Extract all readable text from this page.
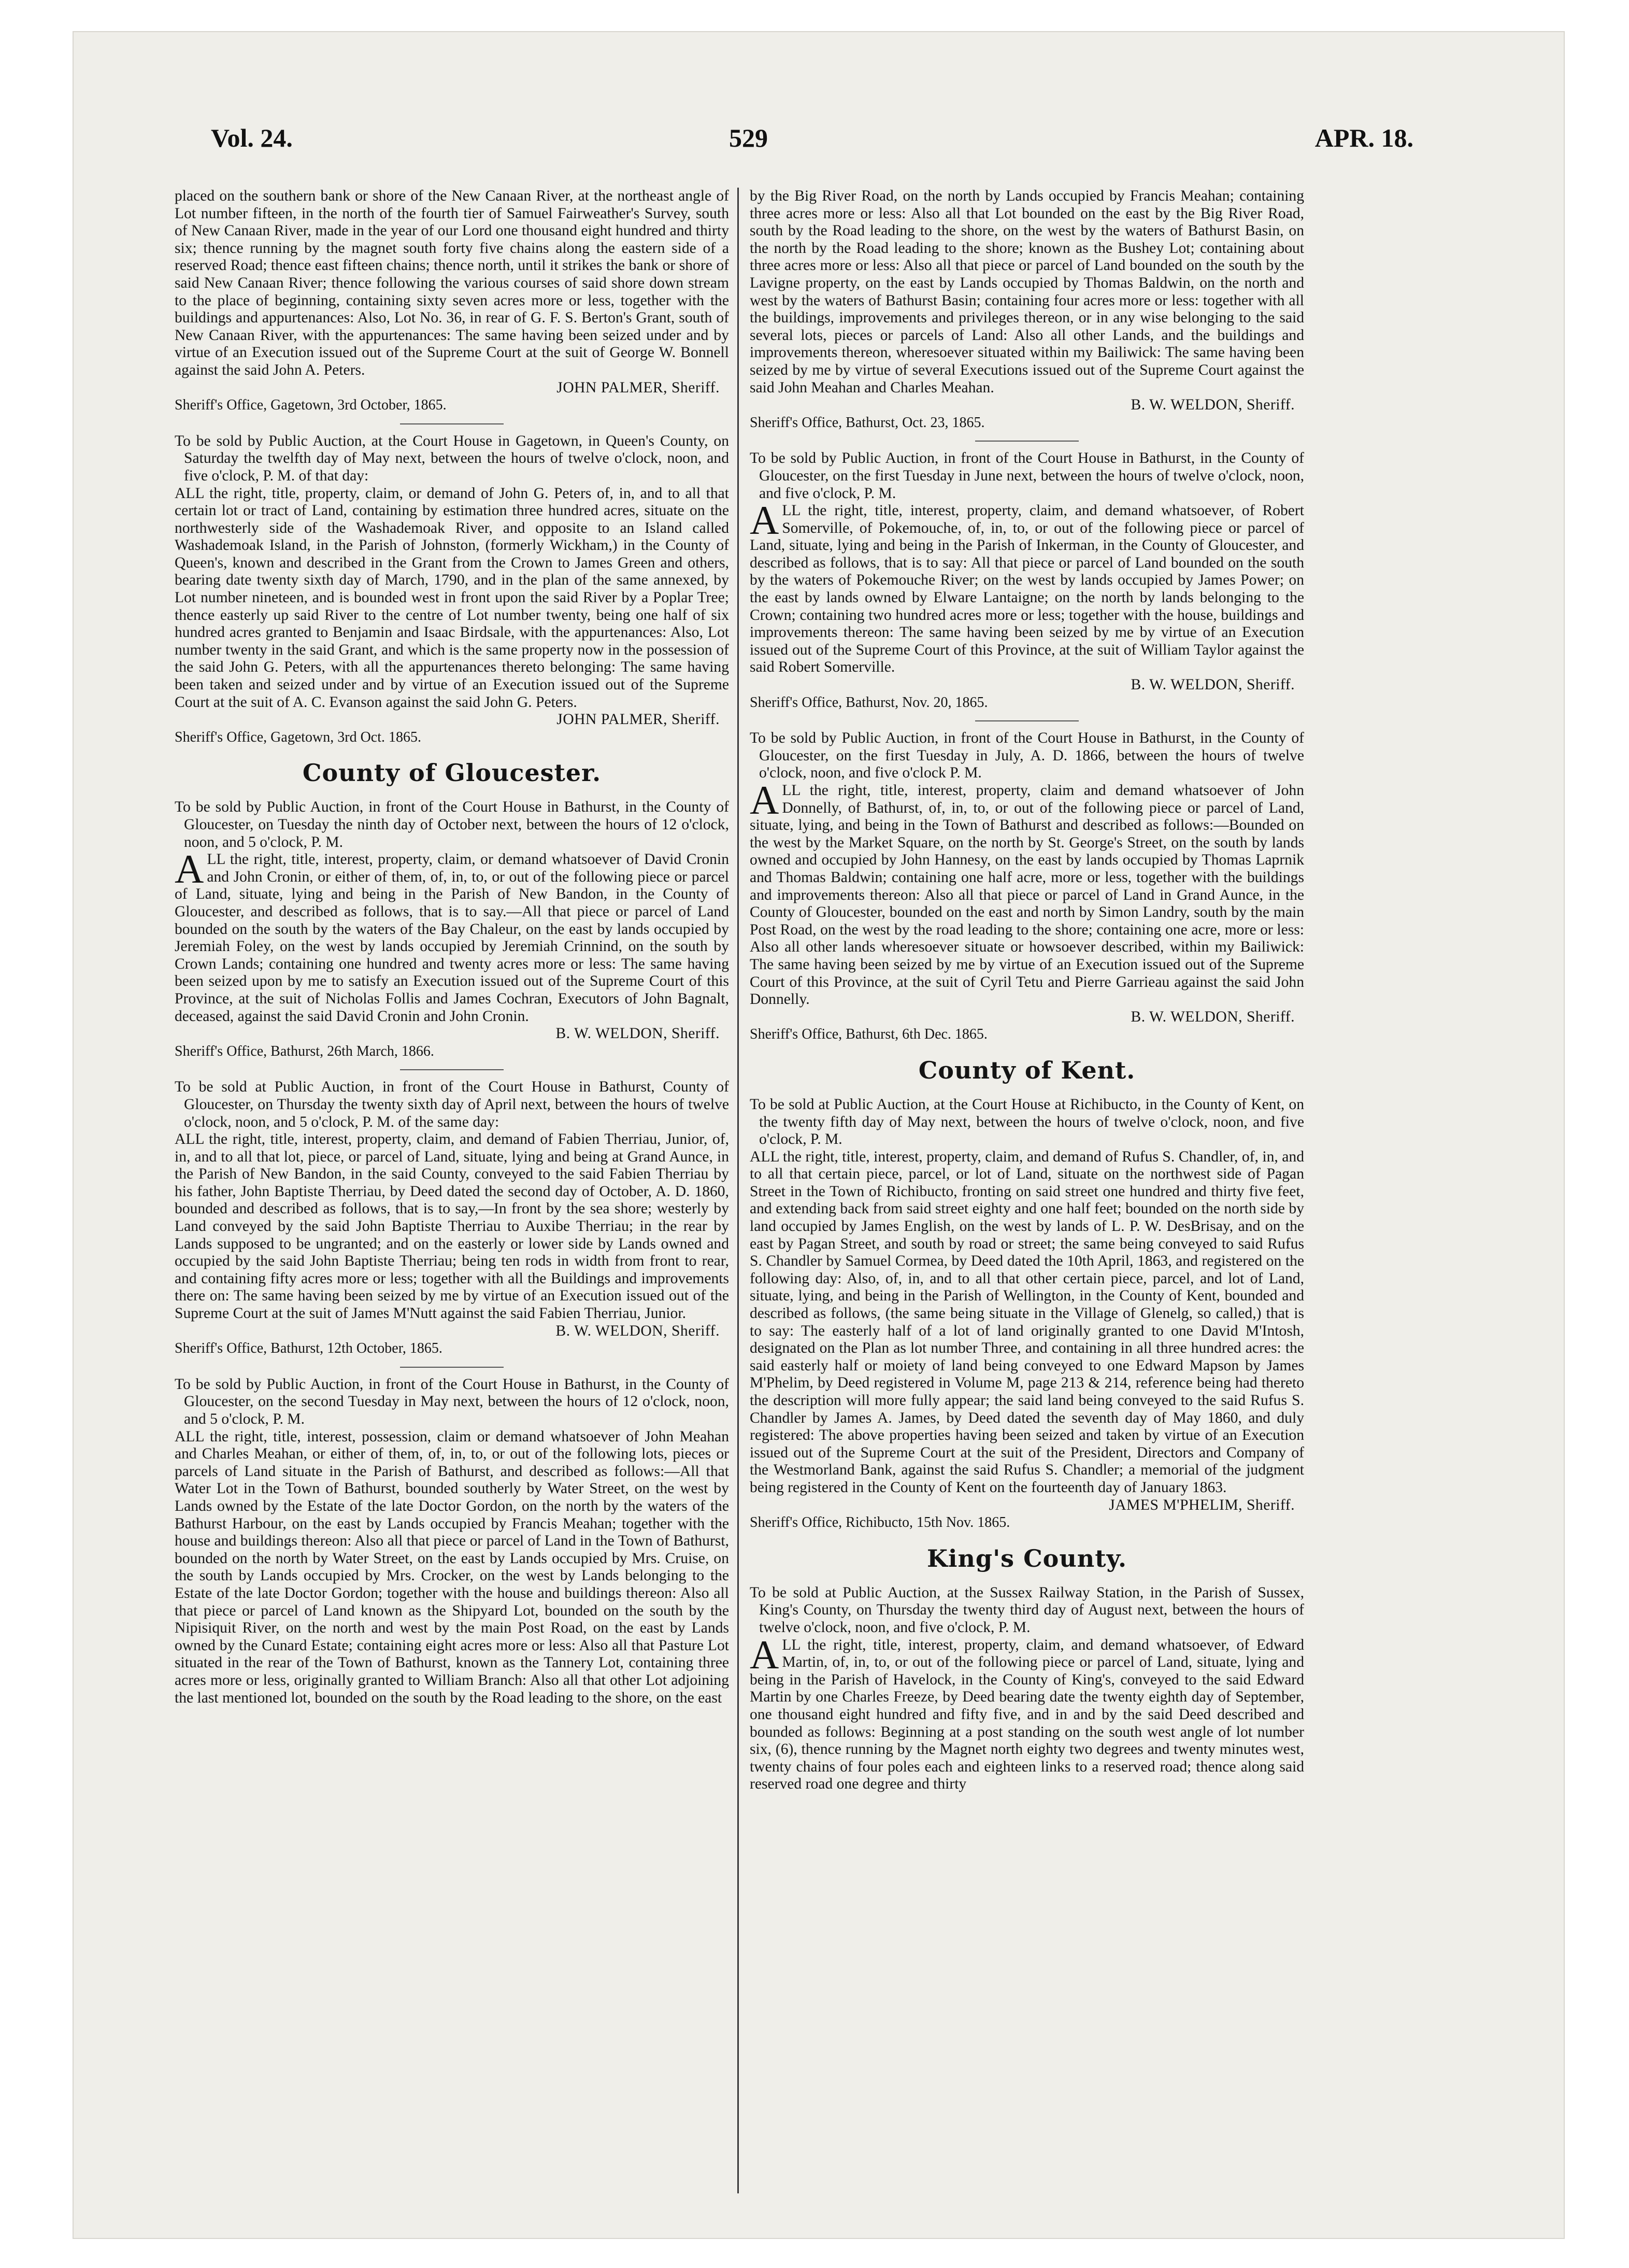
Vol. 24.	529	APR. 18.

placed on the southern bank or shore of the New Canaan River, at the northeast angle of Lot number fifteen, in the north of the fourth tier of Samuel Fairweather's Survey, south of New Canaan River, made in the year of our Lord one thousand eight hundred and thirty six; thence running by the magnet south forty five chains along the eastern side of a reserved Road; thence east fifteen chains; thence north, until it strikes the bank or shore of said New Canaan River; thence following the various courses of said shore down stream to the place of beginning, containing sixty seven acres more or less, together with the buildings and appurtenances: Also, Lot No. 36, in rear of G. F. S. Berton's Grant, south of New Canaan River, with the appurtenances: The same having been seized under and by virtue of an Execution issued out of the Supreme Court at the suit of George W. Bonnell against the said John A. Peters.

JOHN PALMER, Sheriff.

Sheriff's Office, Gagetown, 3rd October, 1865.

To be sold by Public Auction, at the Court House in Gagetown, in Queen's County, on Saturday the twelfth day of May next, between the hours of twelve o'clock, noon, and five o'clock, P. M. of that day:

ALL the right, title, property, claim, or demand of John G. Peters of, in, and to all that certain lot or tract of Land, containing by estimation three hundred acres, situate on the northwesterly side of the Washademoak River, and opposite to an Island called Washademoak Island, in the Parish of Johnston, (formerly Wickham,) in the County of Queen's, known and described in the Grant from the Crown to James Green and others, bearing date twenty sixth day of March, 1790, and in the plan of the same annexed, by Lot number nineteen, and is bounded west in front upon the said River by a Poplar Tree; thence easterly up said River to the centre of Lot number twenty, being one half of six hundred acres granted to Benjamin and Isaac Birdsale, with the appurtenances: Also, Lot number twenty in the said Grant, and which is the same property now in the possession of the said John G. Peters, with all the appurtenances thereto belonging: The same having been taken and seized under and by virtue of an Execution issued out of the Supreme Court at the suit of A. C. Evanson against the said John G. Peters.

JOHN PALMER, Sheriff.

Sheriff's Office, Gagetown, 3rd Oct. 1865.

County of Gloucester.

To be sold by Public Auction, in front of the Court House in Bathurst, in the County of Gloucester, on Tuesday the ninth day of October next, between the hours of 12 o'clock, noon, and 5 o'clock, P. M.

ALL the right, title, interest, property, claim, or demand whatsoever of David Cronin and John Cronin, or either of them, of, in, to, or out of the following piece or parcel of Land, situate, lying and being in the Parish of New Bandon, in the County of Gloucester, and described as follows, that is to say.—All that piece or parcel of Land bounded on the south by the waters of the Bay Chaleur, on the east by lands occupied by Jeremiah Foley, on the west by lands occupied by Jeremiah Crinnind, on the south by Crown Lands; containing one hundred and twenty acres more or less: The same having been seized upon by me to satisfy an Execution issued out of the Supreme Court of this Province, at the suit of Nicholas Follis and James Cochran, Executors of John Bagnalt, deceased, against the said David Cronin and John Cronin.

B. W. WELDON, Sheriff.

Sheriff's Office, Bathurst, 26th March, 1866.

To be sold at Public Auction, in front of the Court House in Bathurst, County of Gloucester, on Thursday the twenty sixth day of April next, between the hours of twelve o'clock, noon, and 5 o'clock, P. M. of the same day:

ALL the right, title, interest, property, claim, and demand of Fabien Therriau, Junior, of, in, and to all that lot, piece, or parcel of Land, situate, lying and being at Grand Aunce, in the Parish of New Bandon, in the said County, conveyed to the said Fabien Therriau by his father, John Baptiste Therriau, by Deed dated the second day of October, A. D. 1860, bounded and described as follows, that is to say,—In front by the sea shore; westerly by Land conveyed by the said John Baptiste Therriau to Auxibe Therriau; in the rear by Lands supposed to be ungranted; and on the easterly or lower side by Lands owned and occupied by the said John Baptiste Therriau; being ten rods in width from front to rear, and containing fifty acres more or less; together with all the Buildings and improvements there on: The same having been seized by me by virtue of an Execution issued out of the Supreme Court at the suit of James M'Nutt against the said Fabien Therriau, Junior.

B. W. WELDON, Sheriff.

Sheriff's Office, Bathurst, 12th October, 1865.

To be sold by Public Auction, in front of the Court House in Bathurst, in the County of Gloucester, on the second Tuesday in May next, between the hours of 12 o'clock, noon, and 5 o'clock, P. M.

ALL the right, title, interest, possession, claim or demand whatsoever of John Meahan and Charles Meahan, or either of them, of, in, to, or out of the following lots, pieces or parcels of Land situate in the Parish of Bathurst, and described as follows:—All that Water Lot in the Town of Bathurst, bounded southerly by Water Street, on the west by Lands owned by the Estate of the late Doctor Gordon, on the north by the waters of the Bathurst Harbour, on the east by Lands occupied by Francis Meahan; together with the house and buildings thereon: Also all that piece or parcel of Land in the Town of Bathurst, bounded on the north by Water Street, on the east by Lands occupied by Mrs. Cruise, on the south by Lands occupied by Mrs. Crocker, on the west by Lands belonging to the Estate of the late Doctor Gordon; together with the house and buildings thereon: Also all that piece or parcel of Land known as the Shipyard Lot, bounded on the south by the Nipisiquit River, on the north and west by the main Post Road, on the east by Lands owned by the Cunard Estate; containing eight acres more or less: Also all that Pasture Lot situated in the rear of the Town of Bathurst, known as the Tannery Lot, containing three acres more or less, originally granted to William Branch: Also all that other Lot adjoining the last mentioned lot, bounded on the south by the Road leading to the shore, on the east

by the Big River Road, on the north by Lands occupied by Francis Meahan; containing three acres more or less: Also all that Lot bounded on the east by the Big River Road, south by the Road leading to the shore, on the west by the waters of Bathurst Basin, on the north by the Road leading to the shore; known as the Bushey Lot; containing about three acres more or less: Also all that piece or parcel of Land bounded on the south by the Lavigne property, on the east by Lands occupied by Thomas Baldwin, on the north and west by the waters of Bathurst Basin; containing four acres more or less: together with all the buildings, improvements and privileges thereon, or in any wise belonging to the said several lots, pieces or parcels of Land: Also all other Lands, and the buildings and improvements thereon, wheresoever situated within my Bailiwick: The same having been seized by me by virtue of several Executions issued out of the Supreme Court against the said John Meahan and Charles Meahan.

B. W. WELDON, Sheriff.

Sheriff's Office, Bathurst, Oct. 23, 1865.

To be sold by Public Auction, in front of the Court House in Bathurst, in the County of Gloucester, on the first Tuesday in June next, between the hours of twelve o'clock, noon, and five o'clock, P. M.

ALL the right, title, interest, property, claim, and demand whatsoever, of Robert Somerville, of Pokemouche, of, in, to, or out of the following piece or parcel of Land, situate, lying and being in the Parish of Inkerman, in the County of Gloucester, and described as follows, that is to say: All that piece or parcel of Land bounded on the south by the waters of Pokemouche River; on the west by lands occupied by James Power; on the east by lands owned by Elware Lantaigne; on the north by lands belonging to the Crown; containing two hundred acres more or less; together with the house, buildings and improvements thereon: The same having been seized by me by virtue of an Execution issued out of the Supreme Court of this Province, at the suit of William Taylor against the said Robert Somerville.

B. W. WELDON, Sheriff.

Sheriff's Office, Bathurst, Nov. 20, 1865.

To be sold by Public Auction, in front of the Court House in Bathurst, in the County of Gloucester, on the first Tuesday in July, A. D. 1866, between the hours of twelve o'clock, noon, and five o'clock P. M.

ALL the right, title, interest, property, claim and demand whatsoever of John Donnelly, of Bathurst, of, in, to, or out of the following piece or parcel of Land, situate, lying, and being in the Town of Bathurst and described as follows:—Bounded on the west by the Market Square, on the north by St. George's Street, on the south by lands owned and occupied by John Hannesy, on the east by lands occupied by Thomas Laprnik and Thomas Baldwin; containing one half acre, more or less, together with the buildings and improvements thereon: Also all that piece or parcel of Land in Grand Aunce, in the County of Gloucester, bounded on the east and north by Simon Landry, south by the main Post Road, on the west by the road leading to the shore; containing one acre, more or less: Also all other lands wheresoever situate or howsoever described, within my Bailiwick: The same having been seized by me by virtue of an Execution issued out of the Supreme Court of this Province, at the suit of Cyril Tetu and Pierre Garrieau against the said John Donnelly.

B. W. WELDON, Sheriff.

Sheriff's Office, Bathurst, 6th Dec. 1865.

County of Kent.

To be sold at Public Auction, at the Court House at Richibucto, in the County of Kent, on the twenty fifth day of May next, between the hours of twelve o'clock, noon, and five o'clock, P. M.

ALL the right, title, interest, property, claim, and demand of Rufus S. Chandler, of, in, and to all that certain piece, parcel, or lot of Land, situate on the northwest side of Pagan Street in the Town of Richibucto, fronting on said street one hundred and thirty five feet, and extending back from said street eighty and one half feet; bounded on the north side by land occupied by James English, on the west by lands of L. P. W. DesBrisay, and on the east by Pagan Street, and south by road or street; the same being conveyed to said Rufus S. Chandler by Samuel Cormea, by Deed dated the 10th April, 1863, and registered on the following day: Also, of, in, and to all that other certain piece, parcel, and lot of Land, situate, lying, and being in the Parish of Wellington, in the County of Kent, bounded and described as follows, (the same being situate in the Village of Glenelg, so called,) that is to say: The easterly half of a lot of land originally granted to one David M'Intosh, designated on the Plan as lot number Three, and containing in all three hundred acres: the said easterly half or moiety of land being conveyed to one Edward Mapson by James M'Phelim, by Deed registered in Volume M, page 213 & 214, reference being had thereto the description will more fully appear; the said land being conveyed to the said Rufus S. Chandler by James A. James, by Deed dated the seventh day of May 1860, and duly registered: The above properties having been seized and taken by virtue of an Execution issued out of the Supreme Court at the suit of the President, Directors and Company of the Westmorland Bank, against the said Rufus S. Chandler; a memorial of the judgment being registered in the County of Kent on the fourteenth day of January 1863.

JAMES M'PHELIM, Sheriff.

Sheriff's Office, Richibucto, 15th Nov. 1865.

King's County.

To be sold at Public Auction, at the Sussex Railway Station, in the Parish of Sussex, King's County, on Thursday the twenty third day of August next, between the hours of twelve o'clock, noon, and five o'clock, P. M.

ALL the right, title, interest, property, claim, and demand whatsoever, of Edward Martin, of, in, to, or out of the following piece or parcel of Land, situate, lying and being in the Parish of Havelock, in the County of King's, conveyed to the said Edward Martin by one Charles Freeze, by Deed bearing date the twenty eighth day of September, one thousand eight hundred and fifty five, and in and by the said Deed described and bounded as follows: Beginning at a post standing on the south west angle of lot number six, (6), thence running by the Magnet north eighty two degrees and twenty minutes west, twenty chains of four poles each and eighteen links to a reserved road; thence along said reserved road one degree and thirty
